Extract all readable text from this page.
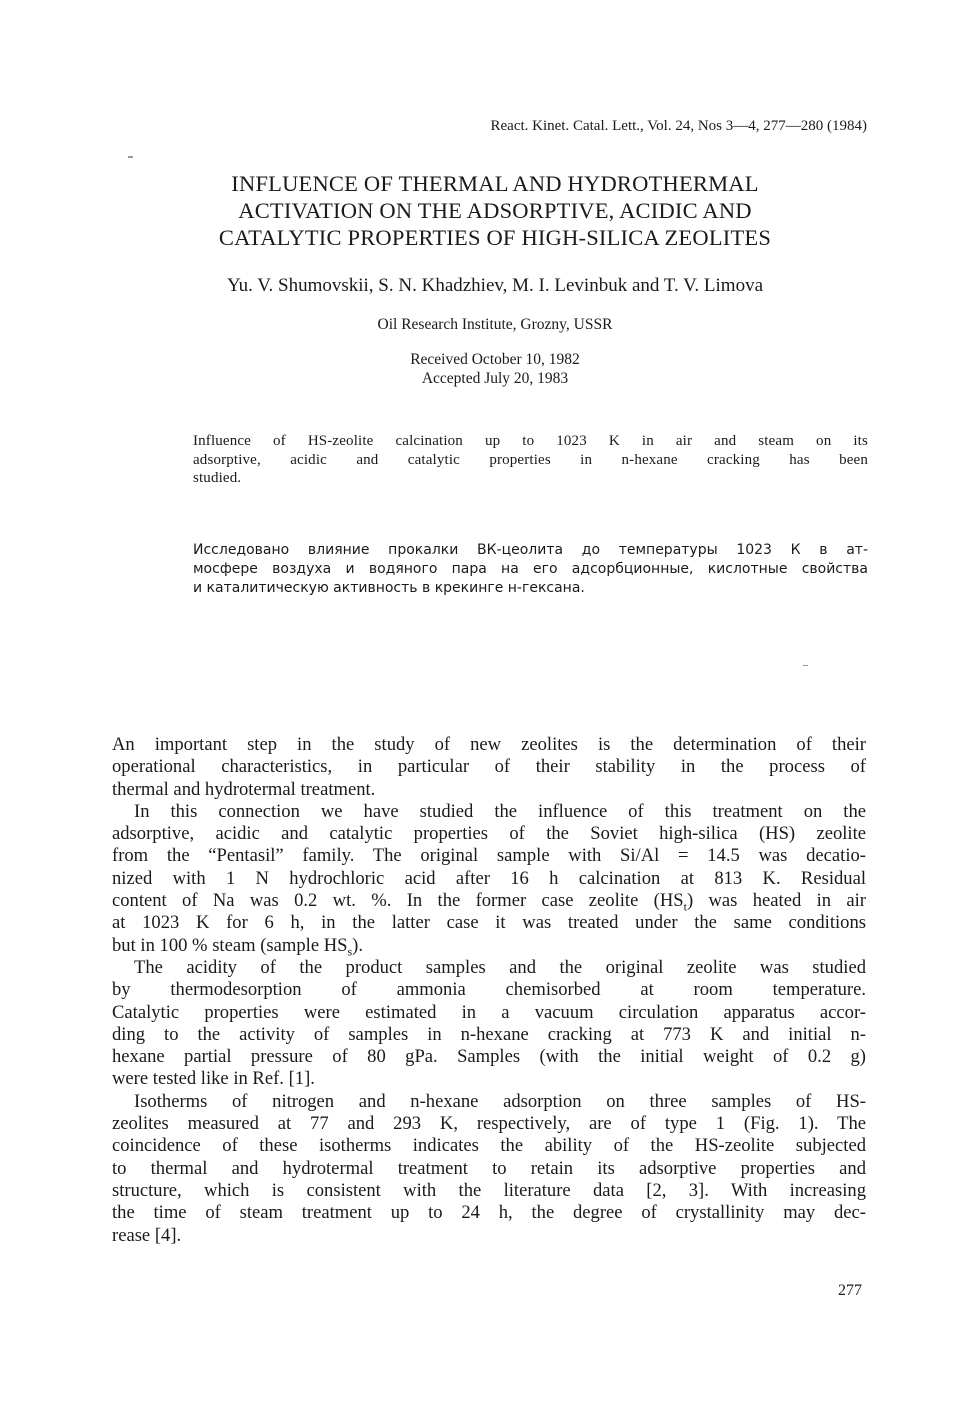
Reaсt. Kinet. Catal. Lett., Vol. 24, Nos 3—4, 277—280 (1984)
INFLUENCE OF THERMAL AND HYDROTHERMAL
ACTIVATION ON THE ADSORPTIVE, ACIDIC AND
CATALYTIC PROPERTIES OF HIGH-SILICA ZEOLITES
Yu. V. Shumovskii, S. N. Khadzhiev, M. I. Levinbuk and T. V. Limova
Oil Research Institute, Grozny, USSR
Received October 10, 1982
Accepted July 20, 1983
Influence of HS-zeolite calcination up to 1023 K in air and steam on its
adsorptive, acidic and catalytic properties in n-hexane cracking has been
studied.
Исследовано влияние прокалки ВК-цеолита до температуры 1023 К в ат-
мосфере воздуха и водяного пара на его адсорбционные, кислотные свойства
и каталитическую активность в крекинге н-гексана.
An important step in the study of new zeolites is the determination of their
operational characteristics, in particular of their stability in the process of
thermal and hydrotermal treatment.
In this connection we have studied the influence of this treatment on the
adsorptive, acidic and catalytic properties of the Soviet high-silica (HS) zeolite
from the “Pentasil” family. The original sample with Si/Al = 14.5 was decatio-
nized with 1 N hydrochloric acid after 16 h calcination at 813 K. Residual
content of Na was 0.2 wt. %. In the former case zeolite $(HS_t)$ was heated in air
at 1023 K for 6 h, in the latter case it was treated under the same conditions
but in 100 % steam (sample $HS_s$).
The acidity of the product samples and the original zeolite was studied
by thermodesorption of ammonia chemisorbed at room temperature.
Catalytic properties were estimated in a vacuum circulation apparatus accor-
ding to the activity of samples in n-hexane cracking at 773 K and initial n-
hexane partial pressure of 80 gPa. Samples (with the initial weight of 0.2 g)
were tested like in Ref. [1].
Isotherms of nitrogen and n-hexane adsorption on three samples of HS-
zeolites measured at 77 and 293 K, respectively, are of type 1 (Fig. 1). The
coincidence of these isotherms indicates the ability of the HS-zeolite subjected
to thermal and hydrotermal treatment to retain its adsorptive properties and
structure, which is consistent with the literature data [2, 3]. With increasing
the time of steam treatment up to 24 h, the degree of crystallinity may dec-
rease [4].
277
